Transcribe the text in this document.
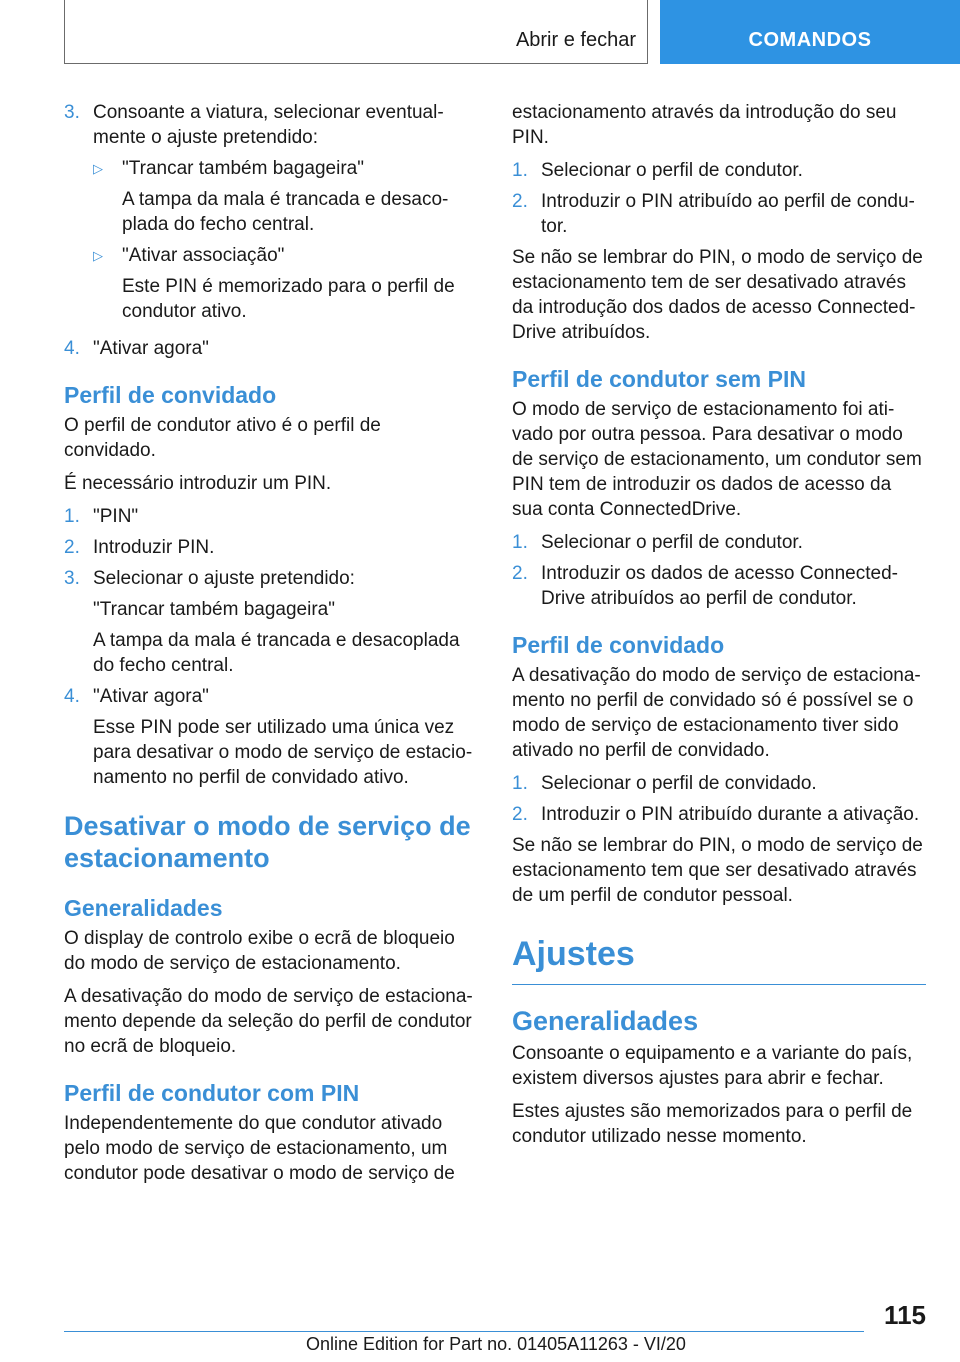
Abrir e fechar	COMANDOS
3. Consoante a viatura, selecionar eventual-mente o ajuste pretendido:
▷	"Trancar também bagageira"
A tampa da mala é trancada e desaco-plada do fecho central.
▷	"Ativar associação"
Este PIN é memorizado para o perfil de condutor ativo.
4. "Ativar agora"
Perfil de convidado

O perfil de condutor ativo é o perfil de convidado.

É necessário introduzir um PIN.

1. "PIN"
2. Introduzir PIN.
3. Selecionar o ajuste pretendido:
"Trancar também bagageira"
A tampa da mala é trancada e desacoplada do fecho central.
4. "Ativar agora"
Esse PIN pode ser utilizado uma única vez para desativar o modo de serviço de estacio-namento no perfil de convidado ativo.
Desativar o modo de serviço de estacionamento
Generalidades

O display de controlo exibe o ecrã de bloqueio do modo de serviço de estacionamento.

A desativação do modo de serviço de estaciona-mento depende da seleção do perfil de condutor no ecrã de bloqueio.

Perfil de condutor com PIN

Independentemente do que condutor ativado pelo modo de serviço de estacionamento, um condutor pode desativar o modo de serviço de

estacionamento através da introdução do seu PIN.

1. Selecionar o perfil de condutor.
2. Introduzir o PIN atribuído ao perfil de condu-tor.

Se não se lembrar do PIN, o modo de serviço de estacionamento tem de ser desativado através da introdução dos dados de acesso Connected-Drive atribuídos.

Perfil de condutor sem PIN

O modo de serviço de estacionamento foi ati-vado por outra pessoa. Para desativar o modo de serviço de estacionamento, um condutor sem PIN tem de introduzir os dados de acesso da sua conta ConnectedDrive.

1. Selecionar o perfil de condutor.
2. Introduzir os dados de acesso Connected-Drive atribuídos ao perfil de condutor.
Perfil de convidado

A desativação do modo de serviço de estaciona-mento no perfil de convidado só é possível se o modo de serviço de estacionamento tiver sido ativado no perfil de convidado.

1. Selecionar o perfil de convidado.
2. Introduzir o PIN atribuído durante a ativação.

Se não se lembrar do PIN, o modo de serviço de estacionamento tem que ser desativado através de um perfil de condutor pessoal.

Ajustes
Generalidades

Consoante o equipamento e a variante do país, existem diversos ajustes para abrir e fechar.

Estes ajustes são memorizados para o perfil de condutor utilizado nesse momento.

115
Online Edition for Part no. 01405A11263 - VI/20
